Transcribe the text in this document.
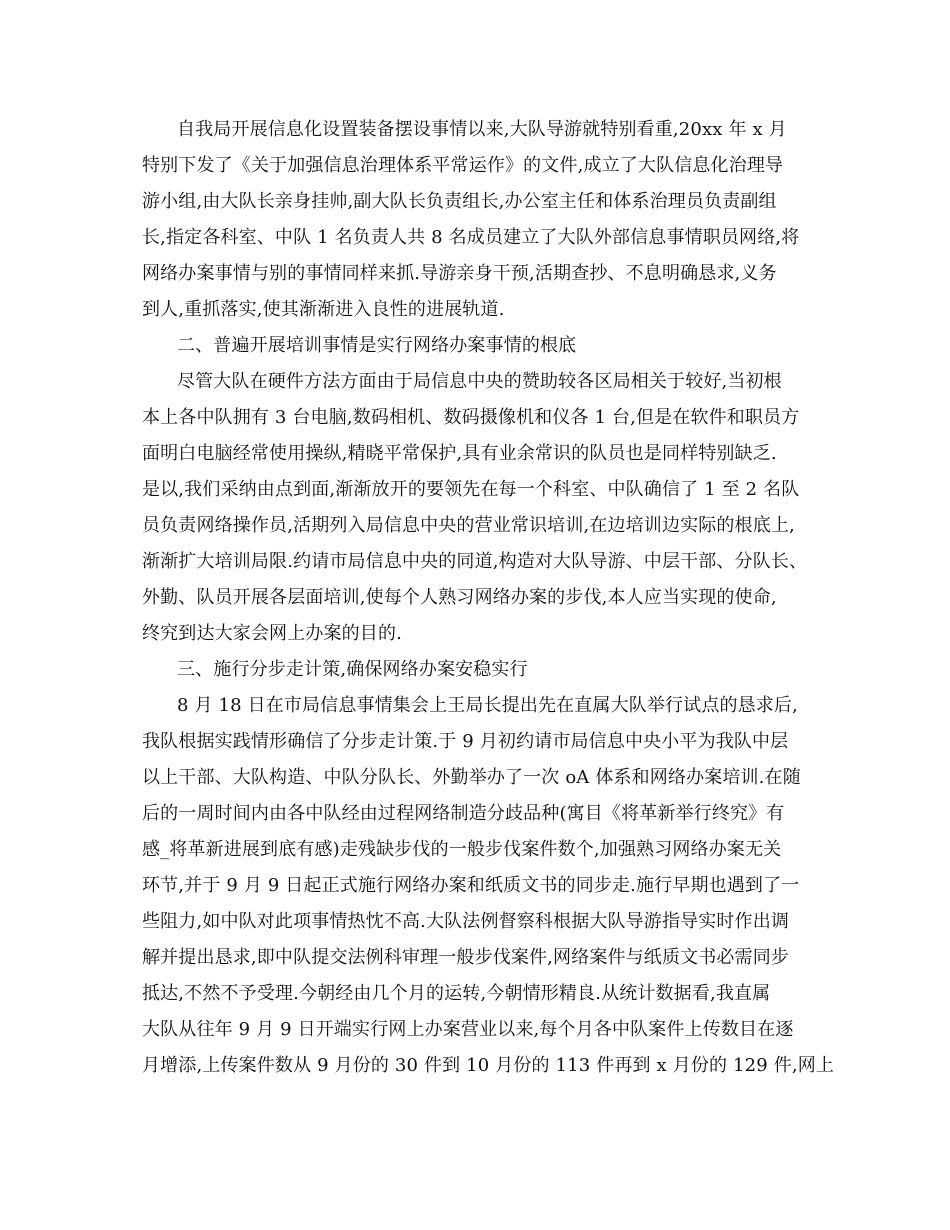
自我局开展信息化设置装备摆设事情以来,大队导游就特别看重,20xx 年 x 月
特别下发了《关于加强信息治理体系平常运作》的文件,成立了大队信息化治理导
游小组,由大队长亲身挂帅,副大队长负责组长,办公室主任和体系治理员负责副组
长,指定各科室、中队 1 名负责人共 8 名成员建立了大队外部信息事情职员网络,将
网络办案事情与别的事情同样来抓.导游亲身干预,活期查抄、不息明确恳求,义务
到人,重抓落实,使其渐渐进入良性的进展轨道.
二、普遍开展培训事情是实行网络办案事情的根底
尽管大队在硬件方法方面由于局信息中央的赞助较各区局相关于较好,当初根
本上各中队拥有 3 台电脑,数码相机、数码摄像机和仪各 1 台,但是在软件和职员方
面明白电脑经常使用操纵,精晓平常保护,具有业余常识的队员也是同样特别缺乏.
是以,我们采纳由点到面,渐渐放开的要领先在每一个科室、中队确信了 1 至 2 名队
员负责网络操作员,活期列入局信息中央的营业常识培训,在边培训边实际的根底上,
渐渐扩大培训局限.约请市局信息中央的同道,构造对大队导游、中层干部、分队长、
外勤、队员开展各层面培训,使每个人熟习网络办案的步伐,本人应当实现的使命,
终究到达大家会网上办案的目的.
三、施行分步走计策,确保网络办案安稳实行
8 月 18 日在市局信息事情集会上王局长提出先在直属大队举行试点的恳求后,
我队根据实践情形确信了分步走计策.于 9 月初约请市局信息中央小平为我队中层
以上干部、大队构造、中队分队长、外勤举办了一次 oA 体系和网络办案培训.在随
后的一周时间内由各中队经由过程网络制造分歧品种(寓目《将革新举行终究》有
感_将革新进展到底有感)走残缺步伐的一般步伐案件数个,加强熟习网络办案无关
环节,并于 9 月 9 日起正式施行网络办案和纸质文书的同步走.施行早期也遇到了一
些阻力,如中队对此项事情热忱不高.大队法例督察科根据大队导游指导实时作出调
解并提出恳求,即中队提交法例科审理一般步伐案件,网络案件与纸质文书必需同步
抵达,不然不予受理.今朝经由几个月的运转,今朝情形精良.从统计数据看,我直属
大队从往年 9 月 9 日开端实行网上办案营业以来,每个月各中队案件上传数目在逐
月增添,上传案件数从 9 月份的 30 件到 10 月份的 113 件再到 x 月份的 129 件,网上
